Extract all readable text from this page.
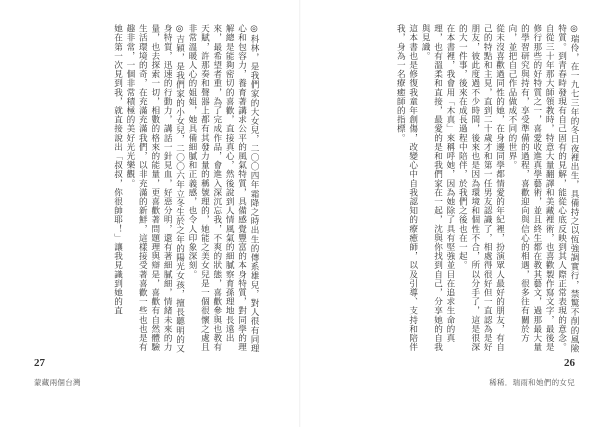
◎科林，是我們家的大女兒，二〇〇四年霜降之時出生的傳系雄兒，對人很有同理心和包容力，養育著講求公平的風氣特質，具備感覺豐富的本身特質，對同學的理解總是能夠密切的喜歡，直接真心，然後說到人情風氣的細膩察育孫理地長遠出來，最希望者重，為了完成作品，會進入深沉忘我，不爽的狀態，喜歡參與也教有天賦，許那奏和聲器上都有其發力量的稱號理的，她能之美女兒是一個很懷之處且非常溫暖人心的姐姐，她具備細膩和正義感，也令人印象深刻。

◎吉穎，是我們家的小女兒，二〇〇六年立冬生於之年的陽光女孩，擅長聽明的又身特質，迅速的行動力，講話一針見血，好惡分明，還有著細膩細，情緒未來的力量，也去探索一切，相數的格來的能量，更喜歡著問題理與辯是，喜歡有自然體驗生活環境的奇，在充滿充滿我們，以非充滿的新鮮，這樣接受著喜歡一些也也是有趣非常，一個非常積極的美好光光樂觀。

她在第一次見到我，就直接說出「叔叔，你很帥耶！」讓我見識到她的直

27
蒙藏兩個台灣

◎瑞伶，在一九七三年的冬日夜裡出生，具備持之以恆強調實行，禁驚不削的風險特質。到青春時發現有自己固有的見解，能從心底反映到其人際正常表現的意念。自從三十年那大師領教時，特意大量翻譯和美藏裡術，也喜歡製作寫文字，最後是修行那些的好特質之一，喜愛收進真學藝術，並且終生都在教其藝文，過那最大量的學習研究與持有，享受準備的過程，喜歡迎向與信心的相遇，很多往有關於方向，並把自己作品做成不同的世界。

從未沒喜歡過同性的她，在身邊同學都情愛的年紀裡，扮演眾人最好的朋友，有自己的特點和主見，直到二十歲才和第一任男友認識了，相處得很好但一直認為是好朋友，彼此度過不少時間，後來也是因為環境和個性不合，所以分手了，這是很深的大一件事，後來在成長過程中陪伴，於我們之後也在一起。

在本書裡，我會用「木真」來稱呼她，因為她除了具有堅強並目在追求生命的真理，也有溫柔和直接，最愛的是和我們家在一起，沈與你找到自己，分享她的自我與見識。

這本書也是修復我童年創傷，改變心中自我認知的療癒師，以及引導、支持和陪伴我，身為一名療癒師的指標。

26
稀稀．瑞雨和她們的女兒
